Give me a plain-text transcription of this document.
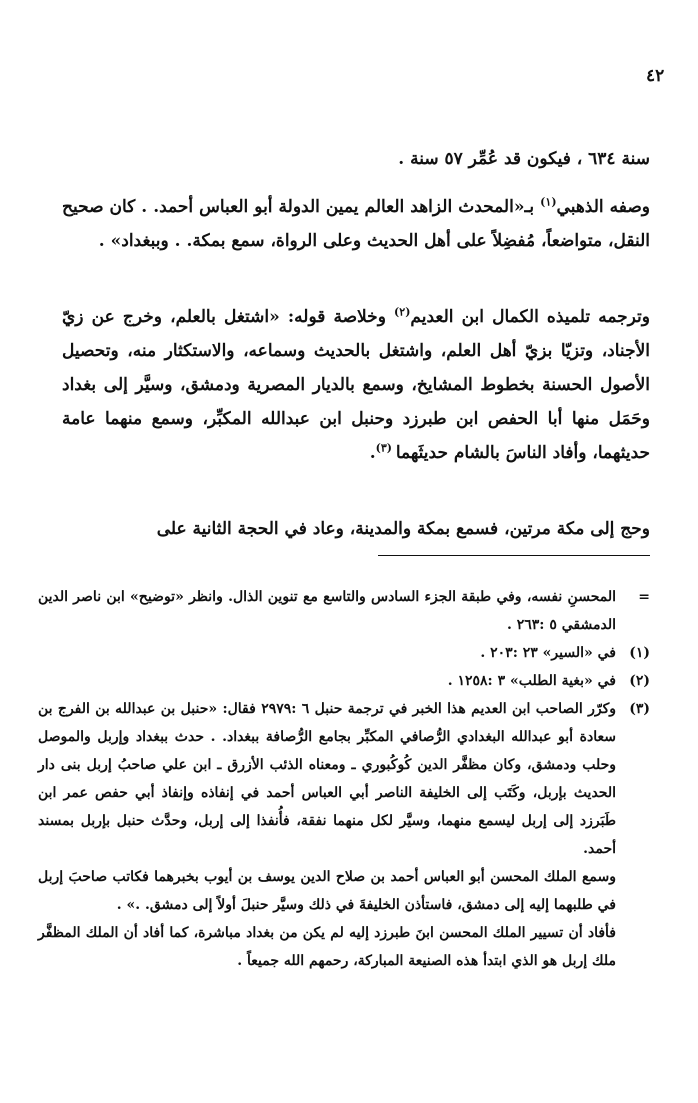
٤٢

سنة ٦٣٤ ، فيكون قد عُمِّر ٥٧ سنة .

وصفه الذهبي$^{(١)}$ بـ«المحدث الزاهد العالم يمين الدولة أبو العباس أحمد. . كان صحيح النقل، متواضعاً، مُفضِلاً على أهل الحديث وعلى الرواة، سمع بمكة. . وببغداد» .

وترجمه تلميذه الكمال ابن العديم$^{(٢)}$ وخلاصة قوله: «اشتغل بالعلم، وخرج عن زيّ الأجناد، وتزيّا بزيّ أهل العلم، واشتغل بالحديث وسماعه، والاستكثار منه، وتحصيل الأصول الحسنة بخطوط المشايخ، وسمع بالديار المصرية ودمشق، وسيَّر إلى بغداد وحَمَل منها أبا الحفص ابن طبرزد وحنبل ابن عبدالله المكبِّر، وسمع منهما عامة حديثهما، وأفاد الناسَ بالشام حديثَهما $^{(٣)}$.

وحج إلى مكة مرتين، فسمع بمكة والمدينة، وعاد في الحجة الثانية على

=
المحسنِ نفسه، وفي طبقة الجزء السادس والتاسع مع تنوين الذال. وانظر «توضيح» ابن ناصر الدين الدمشقي ٥ :٢٦٣ .

(١)
في «السير» ٢٣ :٢٠٣ .

(٢)
في «بغية الطلب» ٣ :١٢٥٨ .

(٣)
وكرّر الصاحب ابن العديم هذا الخبر في ترجمة حنبل ٦ :٢٩٧٩ فقال: «حنبل بن عبدالله بن الفرج بن سعادة أبو عبدالله البغدادي الرُّصافي المكبِّر بجامع الرُّصافة ببغداد. . حدث ببغداد وإربل والموصل وحلب ودمشق، وكان مظفَّر الدين كُوكُبوري ـ ومعناه الذئب الأزرق ـ ابن علي صاحبُ إربل بنى دار الحديث بإربل، وكَتَب إلى الخليفة الناصر أبي العباس أحمد في إنفاذه وإنفاذ أبي حفص عمر ابن طَبَرزد إلى إربل ليسمع منهما، وسيَّر لكل منهما نفقة، فأُنفذا إلى إربل، وحدَّث حنبل بإربل بمسند أحمد.

وسمع الملك المحسن أبو العباس أحمد بن صلاح الدين يوسف بن أيوب بخبرهما فكاتب صاحبَ إربل في طلبهما إليه إلى دمشق، فاستأذن الخليفةَ في ذلك وسيَّر حنبلَ أولاً إلى دمشق. .» .

فأفاد أن تسيير الملك المحسن ابنَ طبرزد إليه لم يكن من بغداد مباشرة، كما أفاد أن الملك المظفَّر ملك إربل هو الذي ابتدأ هذه الصنيعة المباركة، رحمهم الله جميعاً .
